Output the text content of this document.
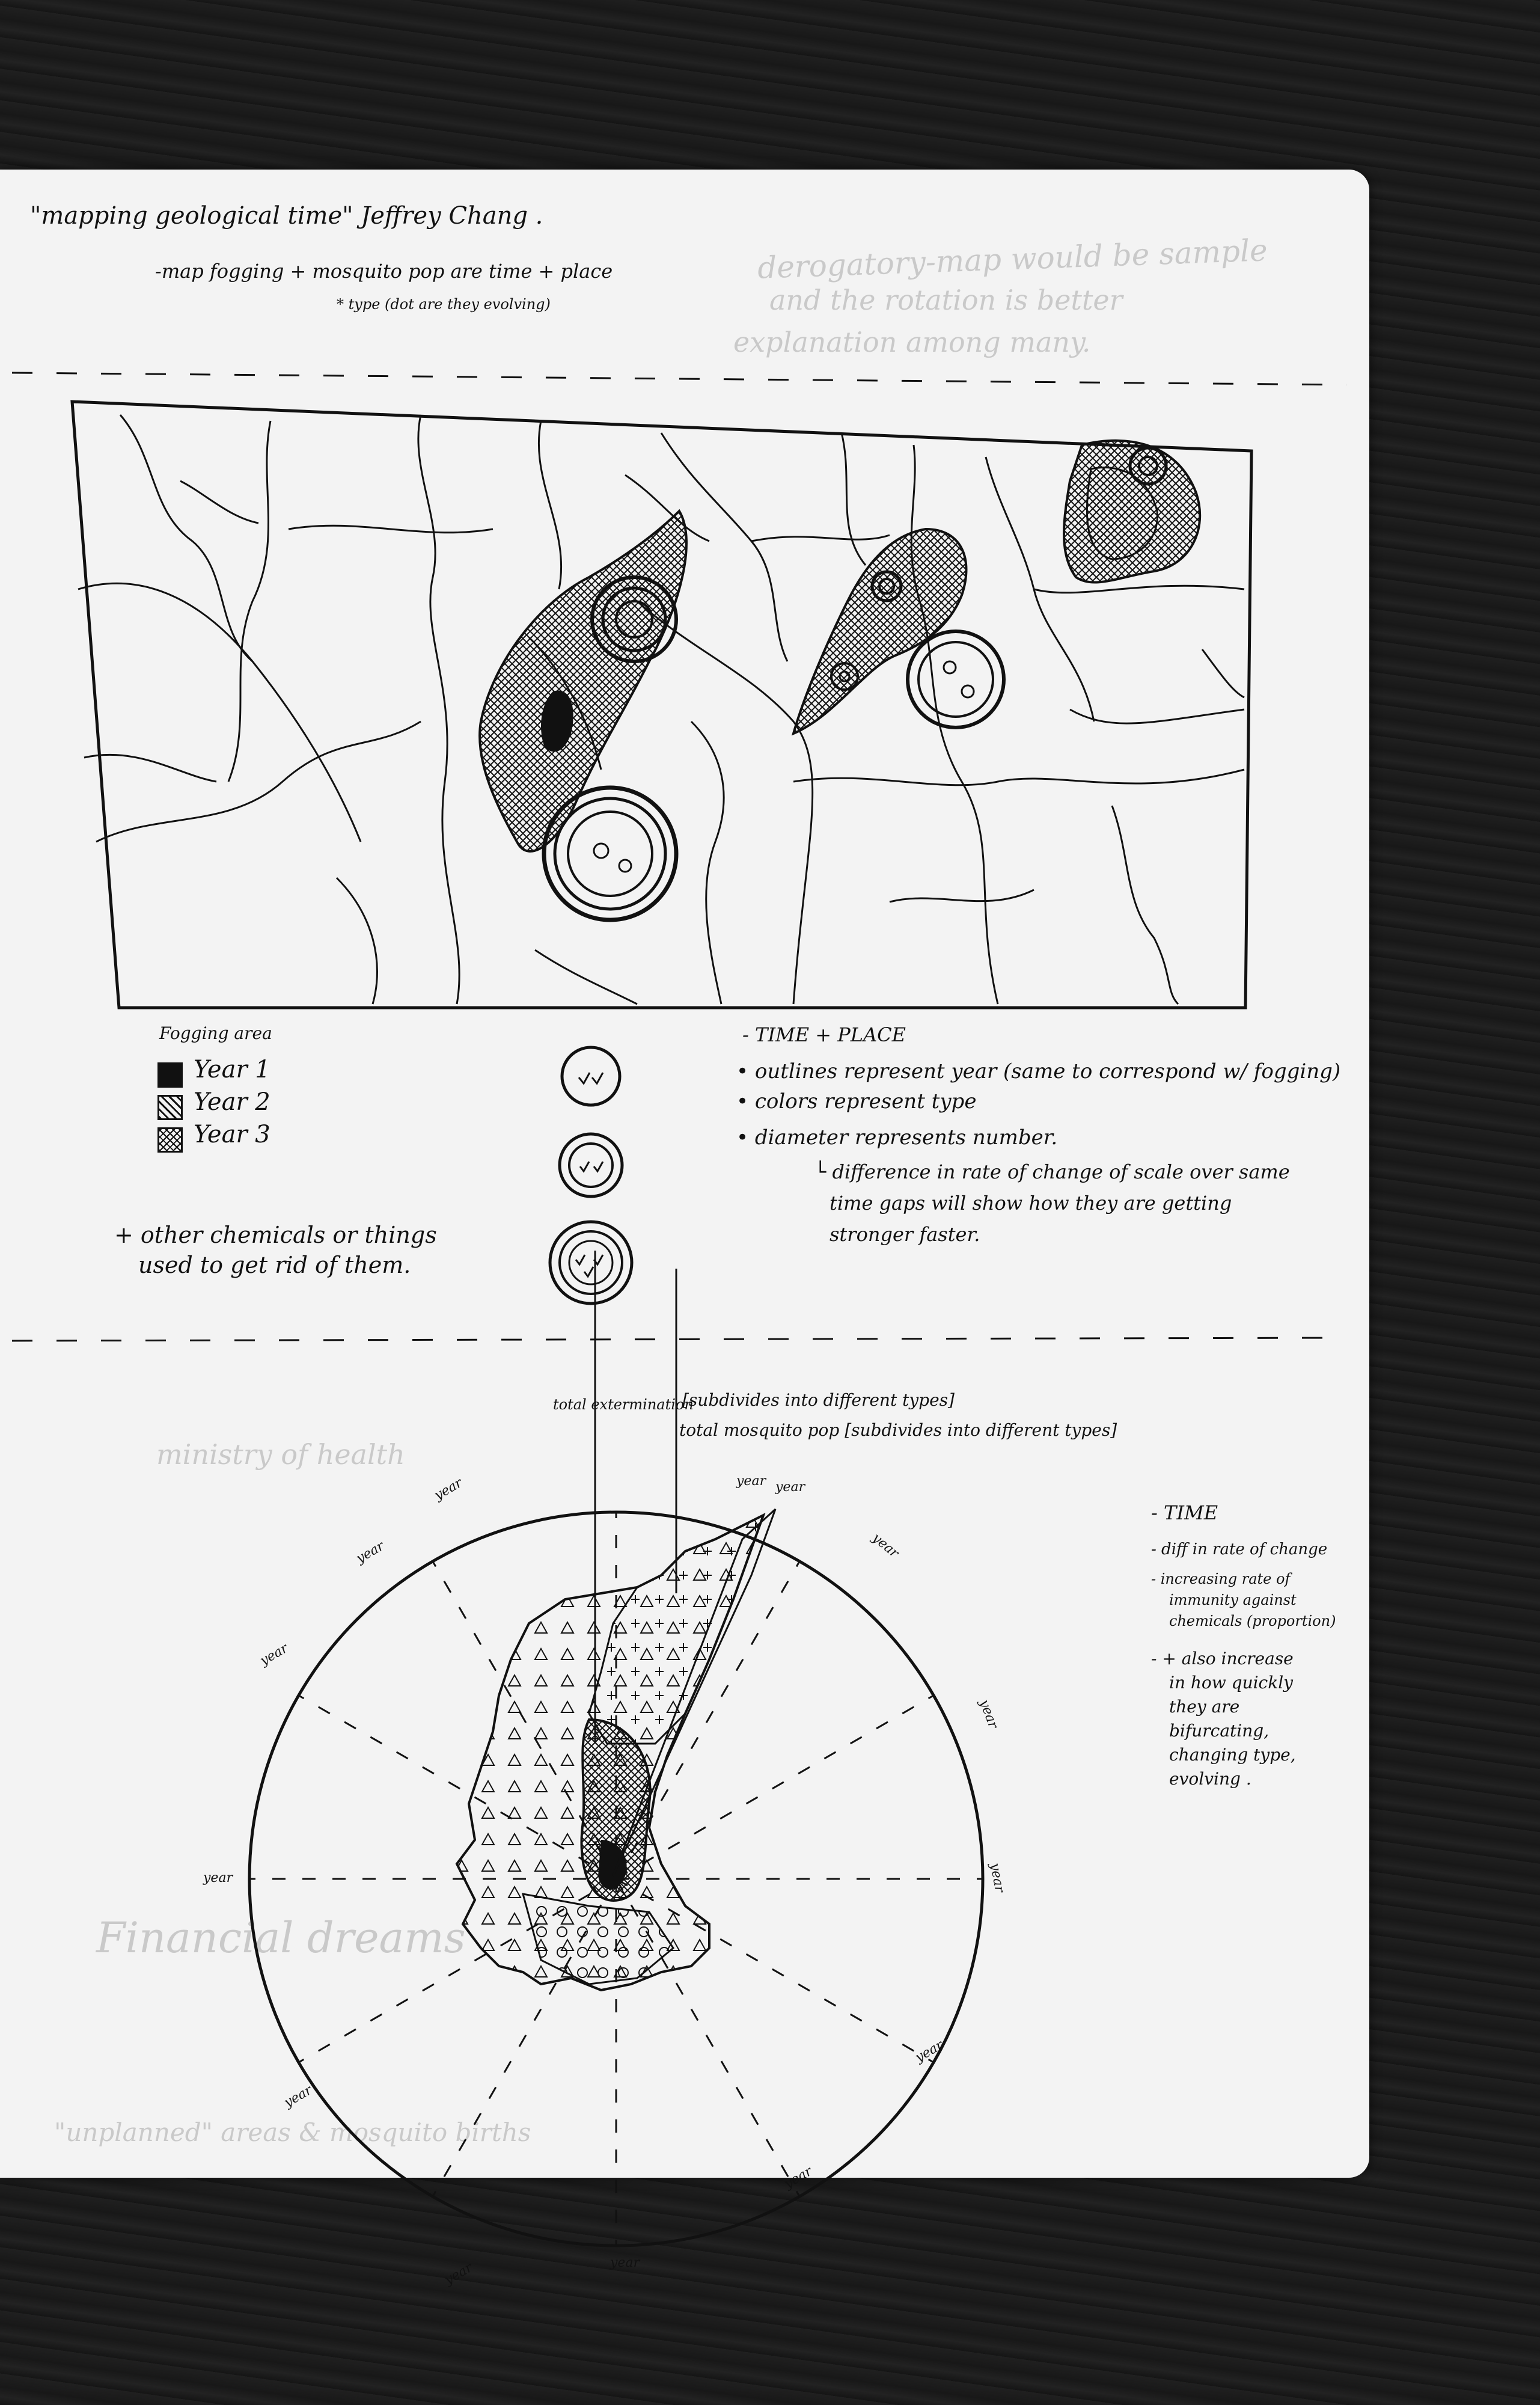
derogatory-map would be sample
and the rotation is better
explanation among many.
ministry of health
Financial dreams
"unplanned" areas & mosquito births
"mapping geological time" Jeffrey Chang .
-map fogging + mosquito pop are time + place
* type (dot are they evolving)
Fogging area
Year 1
Year 2
Year 3
+ other chemicals or things
used to get rid of them.
- TIME + PLACE
• outlines represent year (same to correspond w/ fogging)
• colors represent type
• diameter represents number.
└ difference in rate of change of scale over same
time gaps will show how they are getting
stronger faster.
total extermination
[subdivides into different types]
total mosquito pop [subdivides into different types]
- TIME
- diff in rate of change
- increasing rate of
immunity against
chemicals (proportion)
- + also increase
in how quickly
they are
bifurcating,
changing type,
evolving .
year	year year
year
year
year
year
year
year
year
year
year
year
year
